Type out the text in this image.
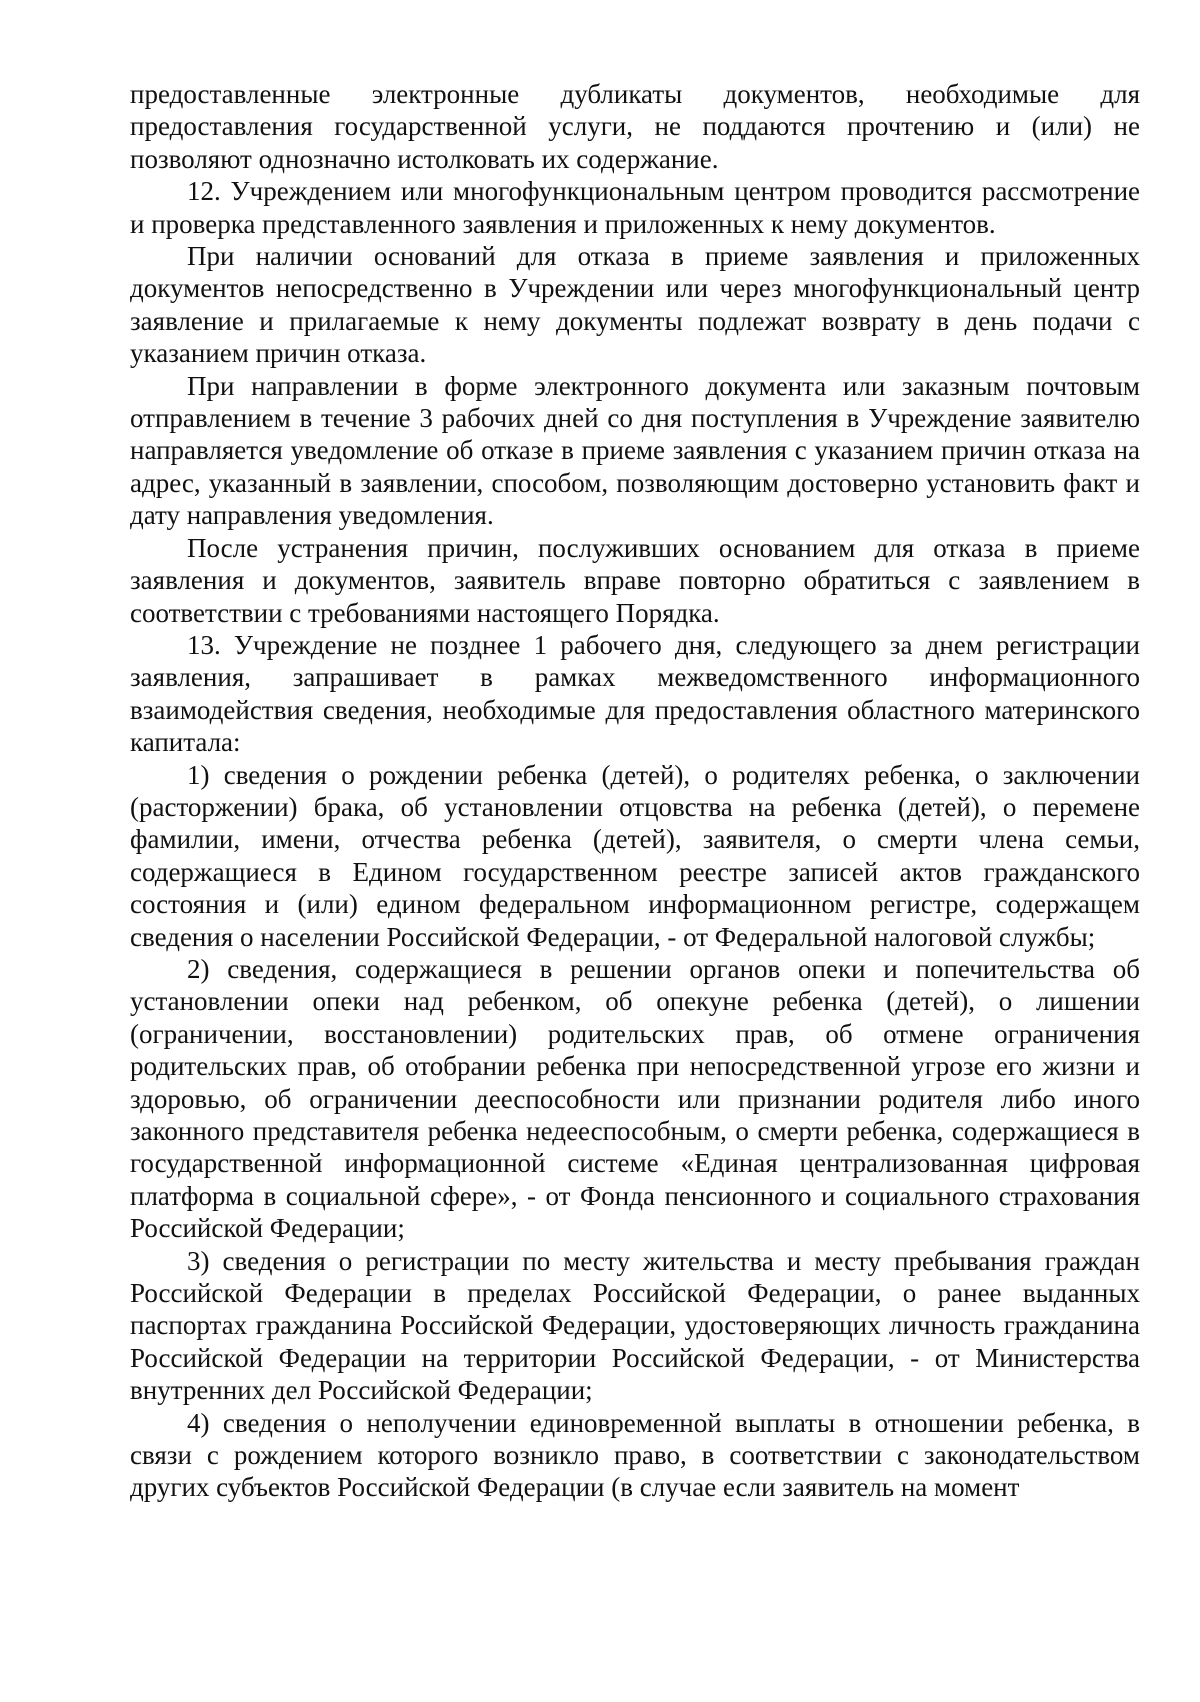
предоставленные электронные дубликаты документов, необходимые для предоставления государственной услуги, не поддаются прочтению и (или) не позволяют однозначно истолковать их содержание.

12. Учреждением или многофункциональным центром проводится рассмотрение и проверка представленного заявления и приложенных к нему документов.

При наличии оснований для отказа в приеме заявления и приложенных документов непосредственно в Учреждении или через многофункциональный центр заявление и прилагаемые к нему документы подлежат возврату в день подачи с указанием причин отказа.

При направлении в форме электронного документа или заказным почтовым отправлением в течение 3 рабочих дней со дня поступления в Учреждение заявителю направляется уведомление об отказе в приеме заявления с указанием причин отказа на адрес, указанный в заявлении, способом, позволяющим достоверно установить факт и дату направления уведомления.

После устранения причин, послуживших основанием для отказа в приеме заявления и документов, заявитель вправе повторно обратиться с заявлением в соответствии с требованиями настоящего Порядка.

13. Учреждение не позднее 1 рабочего дня, следующего за днем регистрации заявления, запрашивает в рамках межведомственного информационного взаимодействия сведения, необходимые для предоставления областного материнского капитала:

1) сведения о рождении ребенка (детей), о родителях ребенка, о заключении (расторжении) брака, об установлении отцовства на ребенка (детей), о перемене фамилии, имени, отчества ребенка (детей), заявителя, о смерти члена семьи, содержащиеся в Едином государственном реестре записей актов гражданского состояния и (или) едином федеральном информационном регистре, содержащем сведения о населении Российской Федерации, - от Федеральной налоговой службы;

2) сведения, содержащиеся в решении органов опеки и попечительства об установлении опеки над ребенком, об опекуне ребенка (детей), о лишении (ограничении, восстановлении) родительских прав, об отмене ограничения родительских прав, об отобрании ребенка при непосредственной угрозе его жизни и здоровью, об ограничении дееспособности или признании родителя либо иного законного представителя ребенка недееспособным, о смерти ребенка, содержащиеся в государственной информационной системе «Единая централизованная цифровая платформа в социальной сфере», - от Фонда пенсионного и социального страхования Российской Федерации;

3) сведения о регистрации по месту жительства и месту пребывания граждан Российской Федерации в пределах Российской Федерации, о ранее выданных паспортах гражданина Российской Федерации, удостоверяющих личность гражданина Российской Федерации на территории Российской Федерации, - от Министерства внутренних дел Российской Федерации;

4) сведения о неполучении единовременной выплаты в отношении ребенка, в связи с рождением которого возникло право, в соответствии с законодательством других субъектов Российской Федерации (в случае если заявитель на момент
